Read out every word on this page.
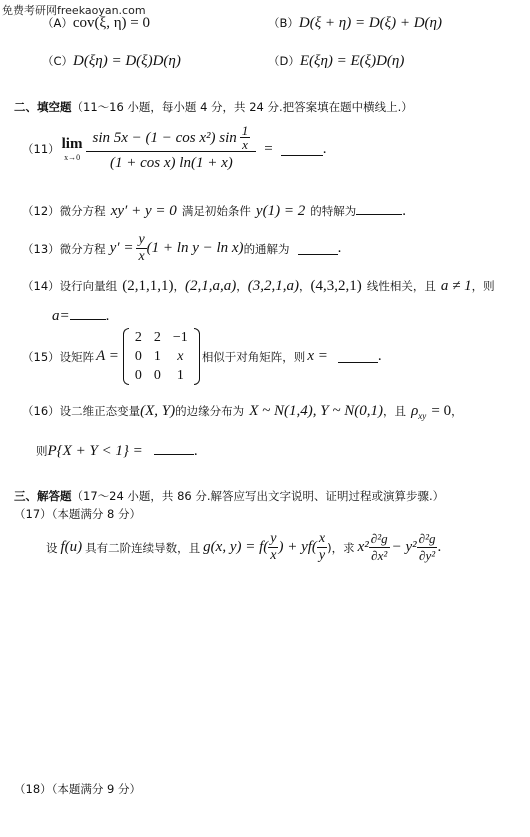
免费考研网freekaoyan.com
（A）cov(ξ, η) = 0	（B）D(ξ + η) = D(ξ) + D(η)
（C）D(ξη) = D(ξ)D(η)	（D）E(ξη) = E(ξ)D(η)
二、填空题（11～16 小题，每小题 4 分，共 24 分.把答案填在题中横线上.）
（11） lim
$x\to 0 \frac{\sin 5x - (1 - \cos x^2) \sin \frac{1}{x}}{\text{(1 + cos x) ln(1 + x)}}$ =	.
（12）微分方程 xy′ + y = 0 满足初始条件 y(1) = 2 的特解为	.
（13） 微分方程 $y' = \frac{y}{x} (1 + \ln y - \ln x)$ 的通解为	.
（14）设行向量组 (2,1,1,1)，(2,1,a,a)，(3,2,1,a)，(4,3,2,1) 线性相关，且 a ≠ 1，则
a= .
（15） 设矩阵 A =
2	2	−1
0	1	x
0	0	1
相似于对角矩阵，则 x =	.
（16）设二维正态变量(X, Y)的边缘分布为 X ~ N(1,4), Y ~ N(0,1)，且 $\rho_{xy} = 0$，
则P{X + Y < 1} =	.
三、解答题（17～24 小题，共 86 分.解答应写出文字说明、证明过程或演算步骤.）
（17）（本题满分 8 分）
设 f(u) 具有二阶连续导数，且 g(x, $y) = f( \frac{y}{x}$ ) + $yf( \frac{x}{y}$ )，求 $x^2 \frac{\text{∂²g}}{\text{∂x²}} - y^2 \frac{\text{∂²g}}{\text{∂y²}}$ .
（18）（本题满分 9 分）
